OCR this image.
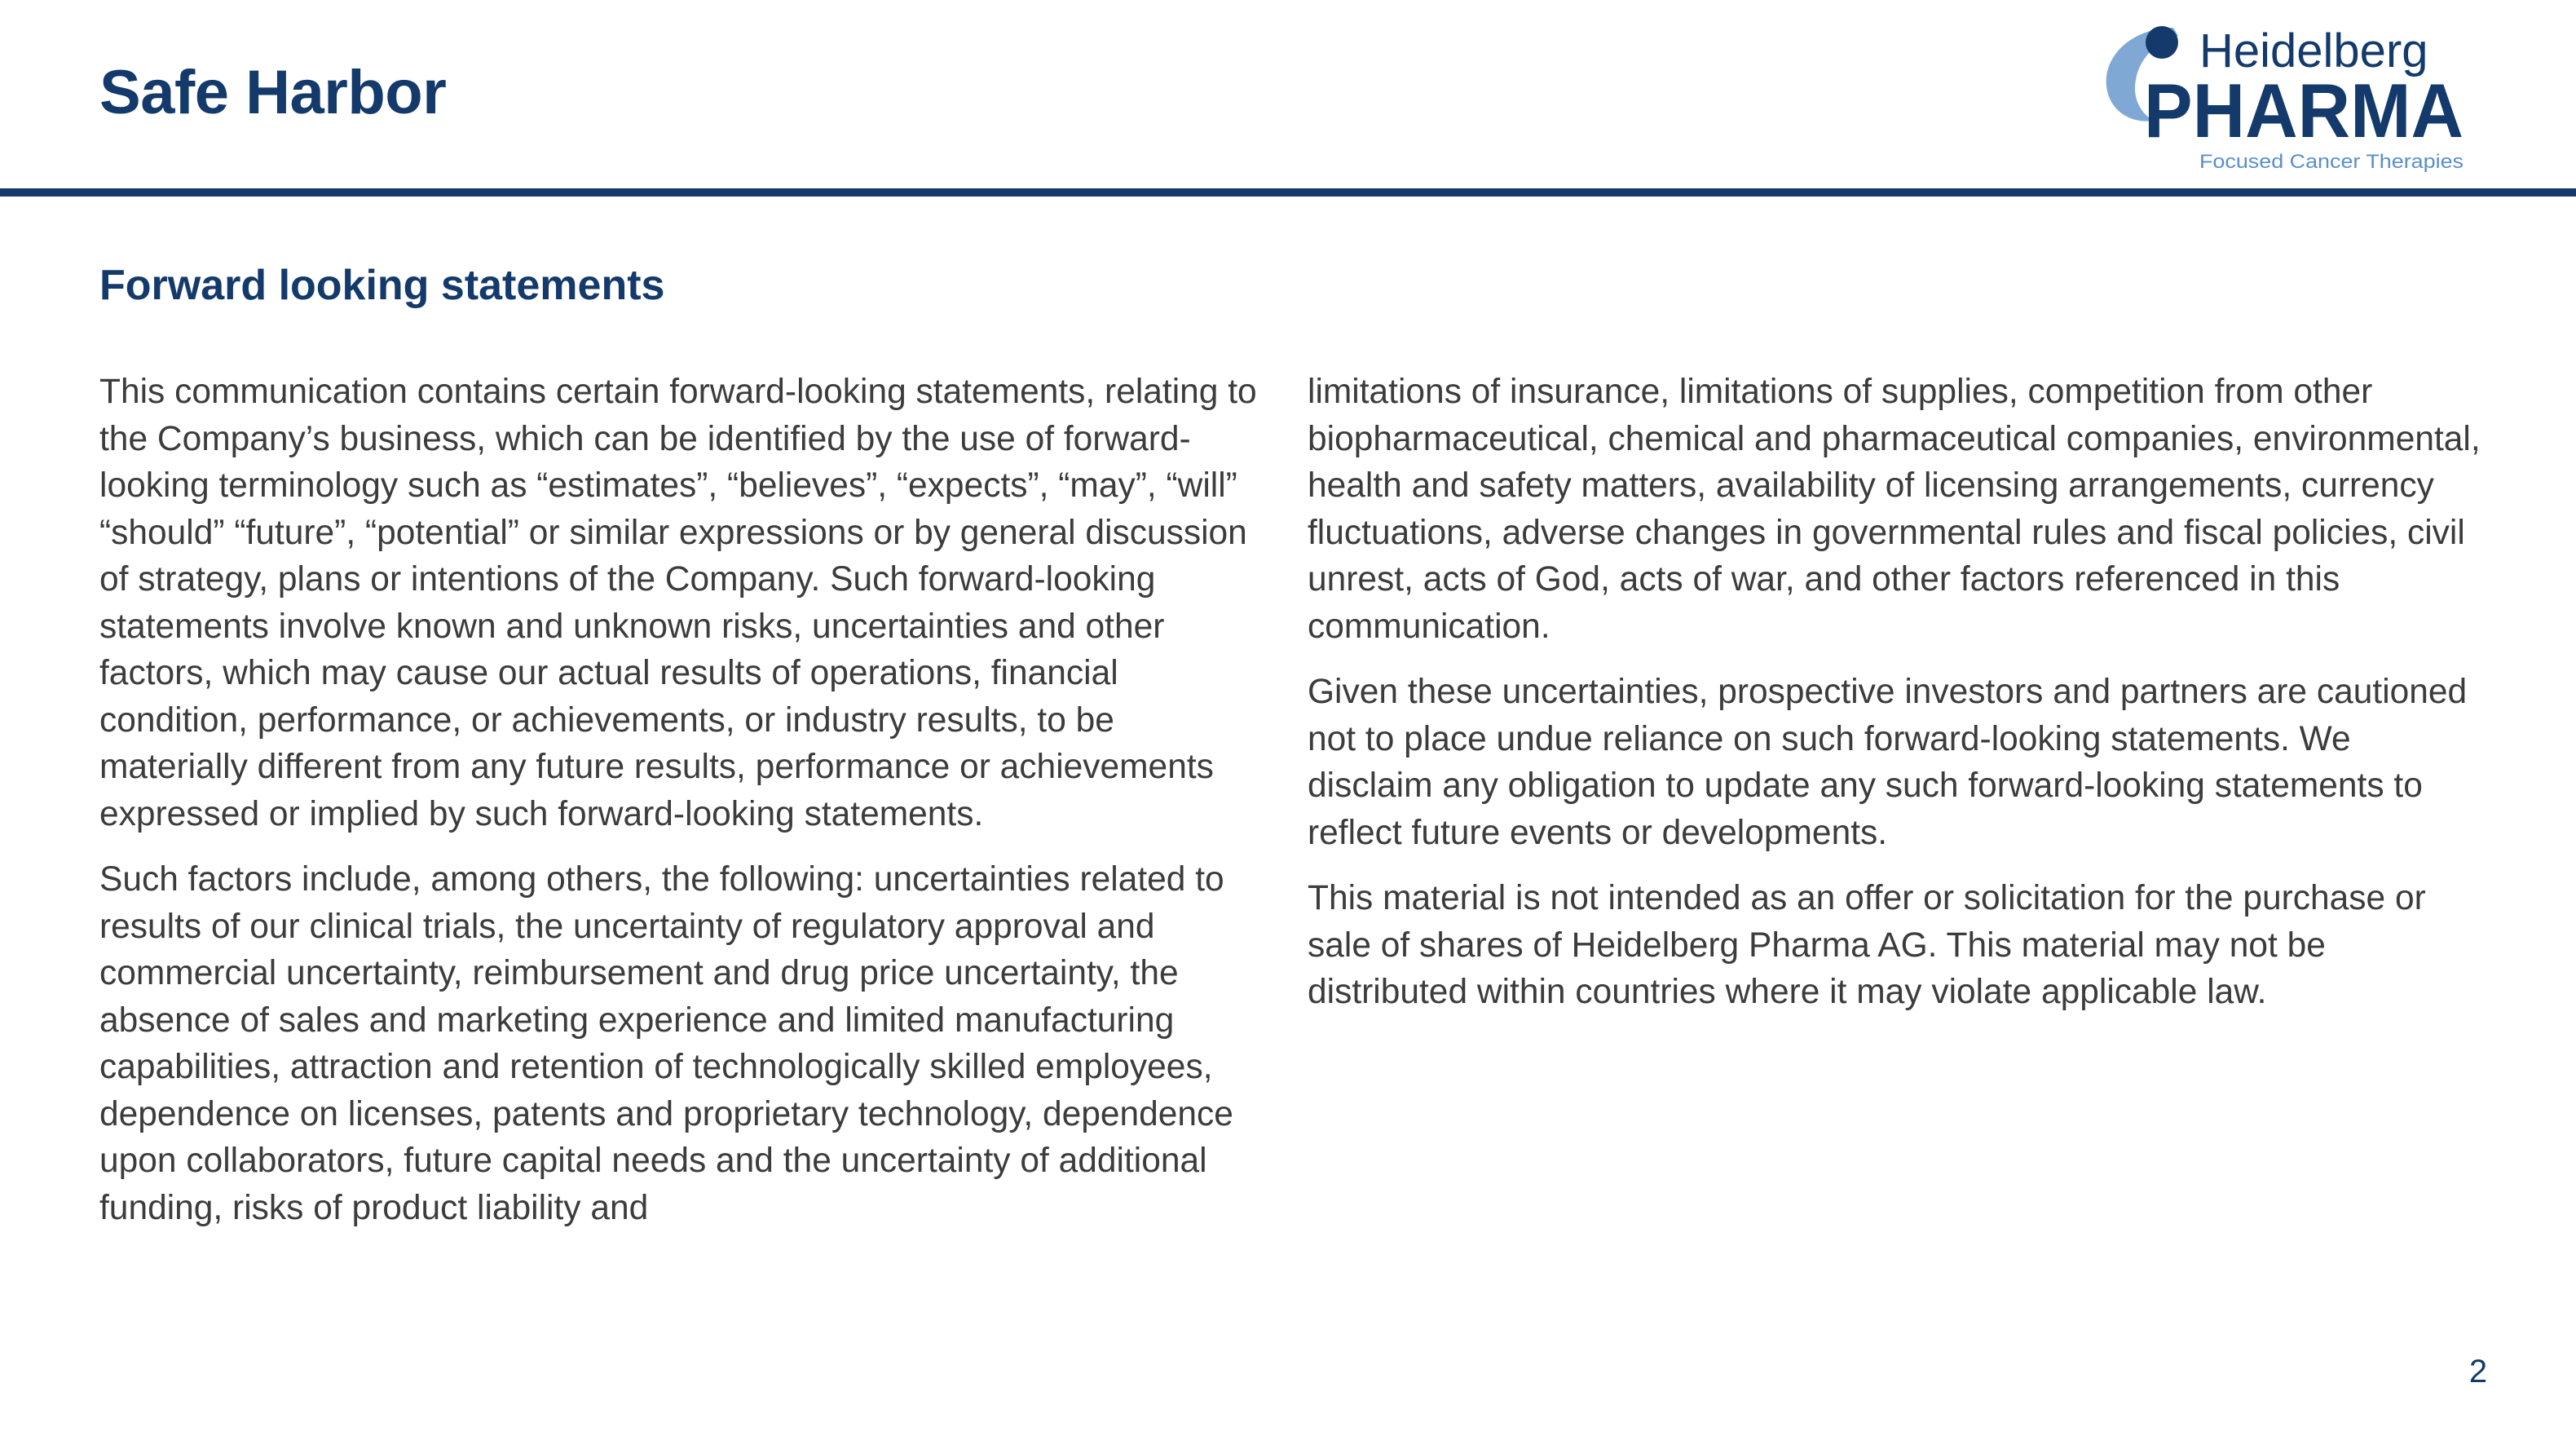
Safe Harbor
Heidelberg
PHARMA
Focused Cancer Therapies
Forward looking statements

This communication contains certain forward-looking statements, relating to the Company’s business, which can be identified by the use of forward-looking terminology such as “estimates”, “believes”, “expects”, “may”, “will” “should” “future”, “potential” or similar expressions or by general discussion of strategy, plans or intentions of the Company. Such forward-looking statements involve known and unknown risks, uncertainties and other factors, which may cause our actual results of operations, financial condition, performance, or achievements, or industry results, to be materially different from any future results, performance or achievements expressed or implied by such forward-looking statements.

Such factors include, among others, the following: uncertainties related to results of our clinical trials, the uncertainty of regulatory approval and commercial uncertainty, reimbursement and drug price uncertainty, the absence of sales and marketing experience and limited manufacturing capabilities, attraction and retention of technologically skilled employees, dependence on licenses, patents and proprietary technology, dependence upon collaborators, future capital needs and the uncertainty of additional funding, risks of product liability and

limitations of insurance, limitations of supplies, competition from other biopharmaceutical, chemical and pharmaceutical companies, environmental, health and safety matters, availability of licensing arrangements, currency fluctuations, adverse changes in governmental rules and fiscal policies, civil unrest, acts of God, acts of war, and other factors referenced in this communication.

Given these uncertainties, prospective investors and partners are cautioned not to place undue reliance on such forward-looking statements. We disclaim any obligation to update any such forward-looking statements to reflect future events or developments.

This material is not intended as an offer or solicitation for the purchase or sale of shares of Heidelberg Pharma AG. This material may not be distributed within countries where it may violate applicable law.

2
